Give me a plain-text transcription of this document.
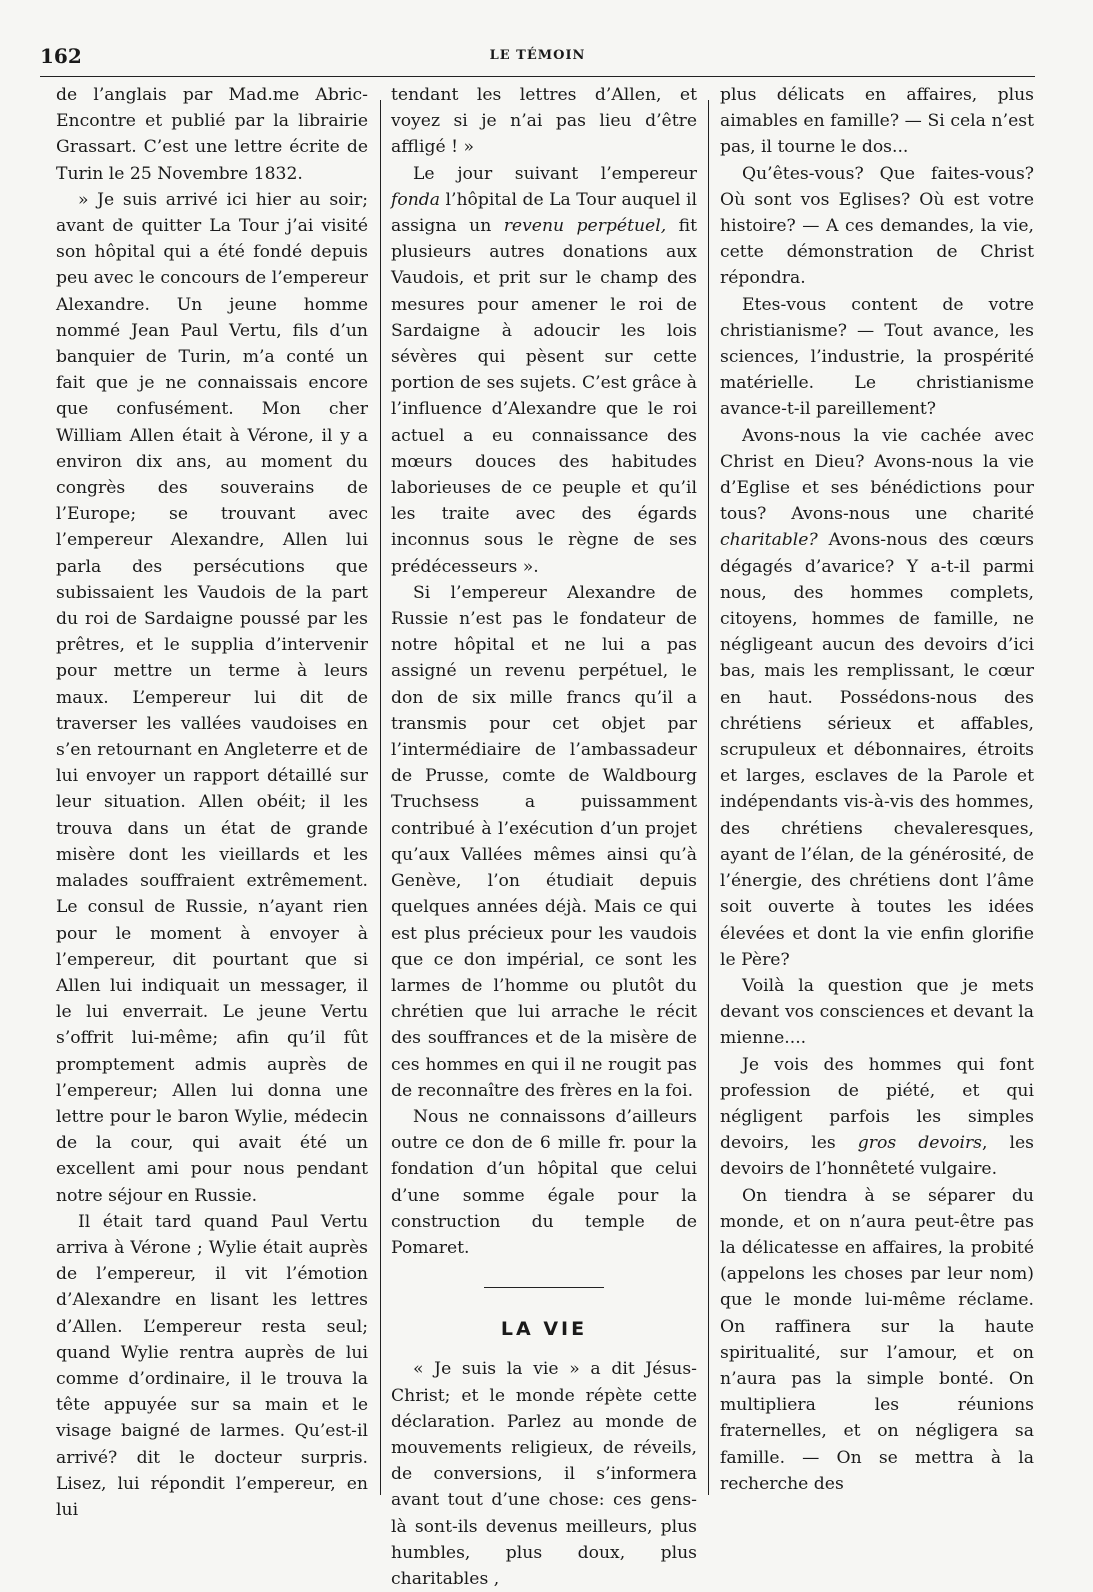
162	LE TÉMOIN

de l’anglais par Mad.me Abric-Encontre et publié par la librairie Grassart. C’est une lettre écrite de Turin le 25 Novembre 1832.

» Je suis arrivé ici hier au soir; avant de quitter La Tour j’ai visité son hôpital qui a été fondé depuis peu avec le concours de l’empereur Alexandre. Un jeune homme nommé Jean Paul Vertu, fils d’un banquier de Turin, m’a conté un fait que je ne connaissais encore que confusément. Mon cher William Allen était à Vérone, il y a environ dix ans, au moment du congrès des souverains de l’Europe; se trouvant avec l’empereur Alexandre, Allen lui parla des persécutions que subissaient les Vaudois de la part du roi de Sardaigne poussé par les prêtres, et le supplia d’intervenir pour mettre un terme à leurs maux. L’empereur lui dit de traverser les vallées vaudoises en s’en retournant en Angleterre et de lui envoyer un rapport détaillé sur leur situation. Allen obéit; il les trouva dans un état de grande misère dont les vieillards et les malades souffraient extrêmement. Le consul de Russie, n’ayant rien pour le moment à envoyer à l’empereur, dit pourtant que si Allen lui indiquait un messager, il le lui enverrait. Le jeune Vertu s’offrit lui-même; afin qu’il fût promptement admis auprès de l’empereur; Allen lui donna une lettre pour le baron Wylie, médecin de la cour, qui avait été un excellent ami pour nous pendant notre séjour en Russie.

Il était tard quand Paul Vertu arriva à Vérone ; Wylie était auprès de l’empereur, il vit l’émotion d’Alexandre en lisant les lettres d’Allen. L’empereur resta seul; quand Wylie rentra auprès de lui comme d’ordinaire, il le trouva la tête appuyée sur sa main et le visage baigné de larmes. Qu’est-il arrivé? dit le docteur surpris. Lisez, lui répondit l’empereur, en lui

tendant les lettres d’Allen, et voyez si je n’ai pas lieu d’être affligé ! »

Le jour suivant l’empereur fonda l’hôpital de La Tour auquel il assigna un revenu perpétuel, fit plusieurs autres donations aux Vaudois, et prit sur le champ des mesures pour amener le roi de Sardaigne à adoucir les lois sévères qui pèsent sur cette portion de ses sujets. C’est grâce à l’influence d’Alexandre que le roi actuel a eu connaissance des mœurs douces des habitudes laborieuses de ce peuple et qu’il les traite avec des égards inconnus sous le règne de ses prédécesseurs ».

Si l’empereur Alexandre de Russie n’est pas le fondateur de notre hôpital et ne lui a pas assigné un revenu perpétuel, le don de six mille francs qu’il a transmis pour cet objet par l’intermédiaire de l’ambassadeur de Prusse, comte de Waldbourg Truchsess a puissamment contribué à l’exécution d’un projet qu’aux Vallées mêmes ainsi qu’à Genève, l’on étudiait depuis quelques années déjà. Mais ce qui est plus précieux pour les vaudois que ce don impérial, ce sont les larmes de l’homme ou plutôt du chrétien que lui arrache le récit des souffrances et de la misère de ces hommes en qui il ne rougit pas de reconnaître des frères en la foi.

Nous ne connaissons d’ailleurs outre ce don de 6 mille fr. pour la fondation d’un hôpital que celui d’une somme égale pour la construction du temple de Pomaret.

LA VIE

« Je suis la vie » a dit Jésus-Christ; et le monde répète cette déclaration. Parlez au monde de mouvements religieux, de réveils, de conversions, il s’informera avant tout d’une chose: ces gens-là sont-ils devenus meilleurs, plus humbles, plus doux, plus charitables ,

plus délicats en affaires, plus aimables en famille? — Si cela n’est pas, il tourne le dos...

Qu’êtes-vous? Que faites-vous? Où sont vos Eglises? Où est votre histoire? — A ces demandes, la vie, cette démonstration de Christ répondra.

Etes-vous content de votre christianisme? — Tout avance, les sciences, l’industrie, la prospérité matérielle. Le christianisme avance-t-il pareillement?

Avons-nous la vie cachée avec Christ en Dieu? Avons-nous la vie d’Eglise et ses bénédictions pour tous? Avons-nous une charité charitable? Avons-nous des cœurs dégagés d’avarice? Y a-t-il parmi nous, des hommes complets, citoyens, hommes de famille, ne négligeant aucun des devoirs d’ici bas, mais les remplissant, le cœur en haut. Possédons-nous des chrétiens sérieux et affables, scrupuleux et débonnaires, étroits et larges, esclaves de la Parole et indépendants vis-à-vis des hommes, des chrétiens chevaleresques, ayant de l’élan, de la générosité, de l’énergie, des chrétiens dont l’âme soit ouverte à toutes les idées élevées et dont la vie enfin glorifie le Père?

Voilà la question que je mets devant vos consciences et devant la mienne....

Je vois des hommes qui font profession de piété, et qui négligent parfois les simples devoirs, les gros devoirs, les devoirs de l’honnêteté vulgaire.

On tiendra à se séparer du monde, et on n’aura peut-être pas la délicatesse en affaires, la probité (appelons les choses par leur nom) que le monde lui-même réclame. On raffinera sur la haute spiritualité, sur l’amour, et on n’aura pas la simple bonté. On multipliera les réunions fraternelles, et on négligera sa famille. — On se mettra à la recherche des
